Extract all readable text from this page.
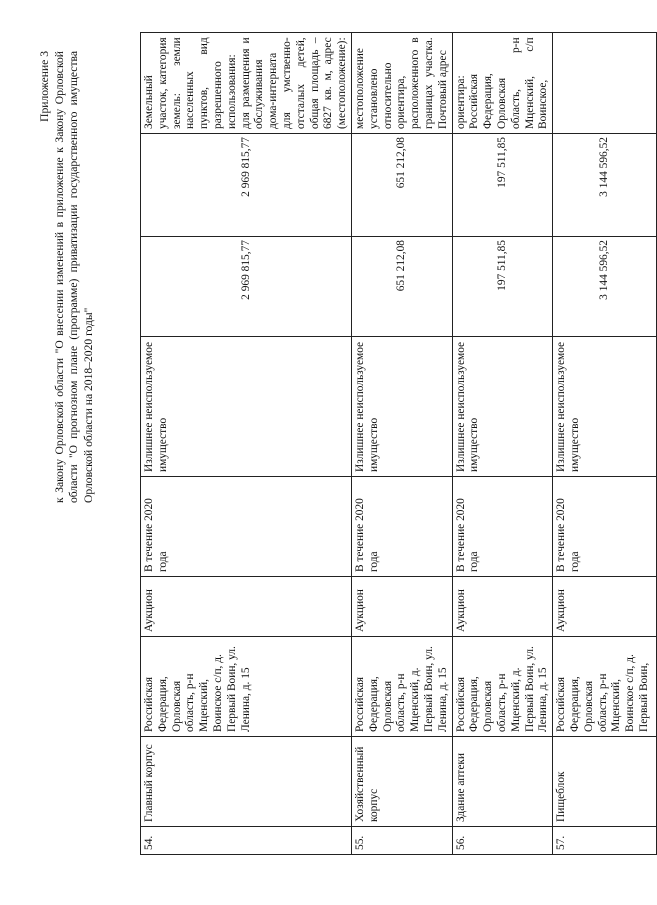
Приложение 3 к Закону Орловской области "О внесении изменений в приложение к Закону Орловской области "О прогнозном плане (программе) приватизации государственного имущества Орловской области на 2018–2020 годы"
54.	Главный корпус	Российская Федерация, Орловская область, р-н Мценский, Воинское с/п, д. Первый Воин, ул. Ленина, д. 15	Аукцион	В течение 2020 года	Излишнее неиспользуемое имущество	2 969 815,77	2 969 815,77	Земельный участок, категория земель: земли населенных пунктов, вид разрешенного использования: для размещения и обслуживания дома-интерната для умственно-отсталых детей, общая площадь – 6827 кв. м, адрес (местоположение):
55.	Хозяйственный корпус	Российская Федерация, Орловская область, р-н Мценский, д. Первый Воин, ул. Ленина, д. 15	Аукцион	В течение 2020 года	Излишнее неиспользуемое имущество	651 212,08	651 212,08	местоположение установлено относительно ориентира, расположенного в границах участка. Почтовый адрес
56.	Здание аптеки	Российская Федерация, Орловская область, р-н Мценский, д. Первый Воин, ул. Ленина, д. 15	Аукцион	В течение 2020 года	Излишнее неиспользуемое имущество	197 511,85	197 511,85	ориентира: Российская Федерация, Орловская область, р-н Мценский, с/п Воинское,
57.	Пищеблок	Российская Федерация, Орловская область, р-н Мценский, Воинское с/п, д. Первый Воин,	Аукцион	В течение 2020 года	Излишнее неиспользуемое имущество	3 144 596,52	3 144 596,52	
